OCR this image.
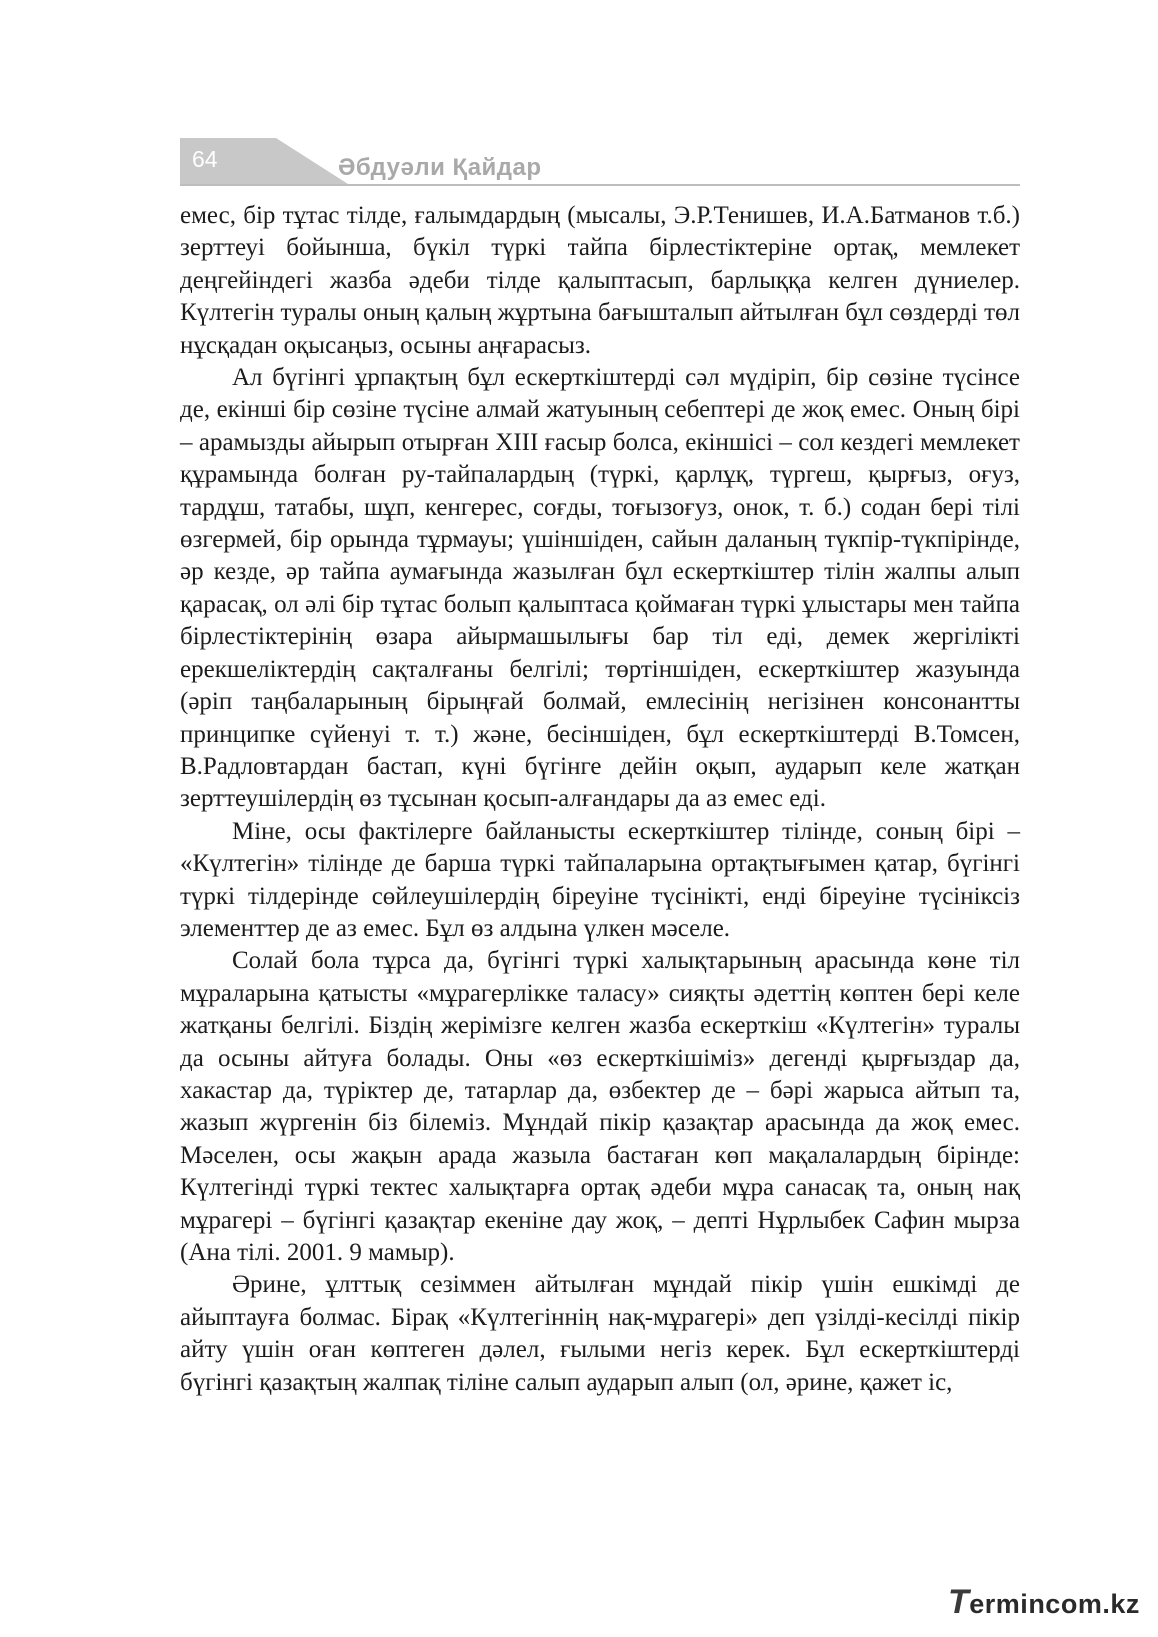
64	Әбдуәли Қайдар

емес, бір тұтас тілде, ғалымдардың (мысалы, Э.Р.Тенишев, И.А.Батманов т.б.) зерттеуі бойынша, бүкіл түркі тайпа бірлестіктеріне ортақ, мемлекет деңгейіндегі жазба әдеби тілде қалыптасып, барлыққа келген дүниелер. Күлтегін туралы оның қалың жұртына бағышталып айтылған бұл сөздерді төл нұсқадан оқысаңыз, осыны аңғарасыз.

Ал бүгінгі ұрпақтың бұл ескерткіштерді сәл мүдіріп, бір сөзіне түсінсе де, екінші бір сөзіне түсіне алмай жатуының себептері де жоқ емес. Оның бірі – арамызды айырып отырған XIII ғасыр болса, екіншісі – сол кездегі мемлекет құрамында болған ру-тайпалардың (түркі, қарлұқ, түргеш, қырғыз, оғуз, тардұш, татабы, шұп, кенгерес, соғды, тоғызоғуз, онок, т. б.) содан бері тілі өзгермей, бір орында тұрмауы; үшіншіден, сайын даланың түкпір-түкпірінде, әр кезде, әр тайпа аумағында жазылған бұл ескерткіштер тілін жалпы алып қарасақ, ол әлі бір тұтас болып қалыптаса қоймаған түркі ұлыстары мен тайпа бірлестіктерінің өзара айырмашылығы бар тіл еді, демек жергілікті ерекшеліктердің сақталғаны белгілі; төртіншіден, ескерткіштер жазуында (әріп таңбаларының бірыңғай болмай, емлесінің негізінен консонантты принципке сүйенуі т. т.) және, бесіншіден, бұл ескерткіштерді В.Томсен, В.Радловтардан бастап, күні бүгінге дейін оқып, аударып келе жатқан зерттеушілердің өз тұсынан қосып-алғандары да аз емес еді.

Міне, осы фактілерге байланысты ескерткіштер тілінде, соның бірі – «Күлтегін» тілінде де барша түркі тайпаларына ортақтығымен қатар, бүгінгі түркі тілдерінде сөйлеушілердің біреуіне түсінікті, енді біреуіне түсініксіз элементтер де аз емес. Бұл өз алдына үлкен мәселе.

Солай бола тұрса да, бүгінгі түркі халықтарының арасында көне тіл мұраларына қатысты «мұрагерлікке таласу» сияқты әдеттің көптен бері келе жатқаны белгілі. Біздің жерімізге келген жазба ескерткіш «Күлтегін» туралы да осыны айтуға болады. Оны «өз ескерткішіміз» дегенді қырғыздар да, хакастар да, түріктер де, татарлар да, өзбектер де – бәрі жарыса айтып та, жазып жүргенін біз білеміз. Мұндай пікір қазақтар арасында да жоқ емес. Мәселен, осы жақын арада жазыла бастаған көп мақалалардың бірінде: Күлтегінді түркі тектес халықтарға ортақ әдеби мұра санасақ та, оның нақ мұрагері – бүгінгі қазақтар екеніне дау жоқ, – депті Нұрлыбек Сафин мырза (Ана тілі. 2001. 9 мамыр).

Әрине, ұлттық сезіммен айтылған мұндай пікір үшін ешкімді де айыптауға болмас. Бірақ «Күлтегіннің нақ-мұрагері» деп үзілді-кесілді пікір айту үшін оған көптеген дәлел, ғылыми негіз керек. Бұл ескерткіштерді бүгінгі қазақтың жалпақ тіліне салып аударып алып (ол, әрине, қажет іс,

Termincom.kz
